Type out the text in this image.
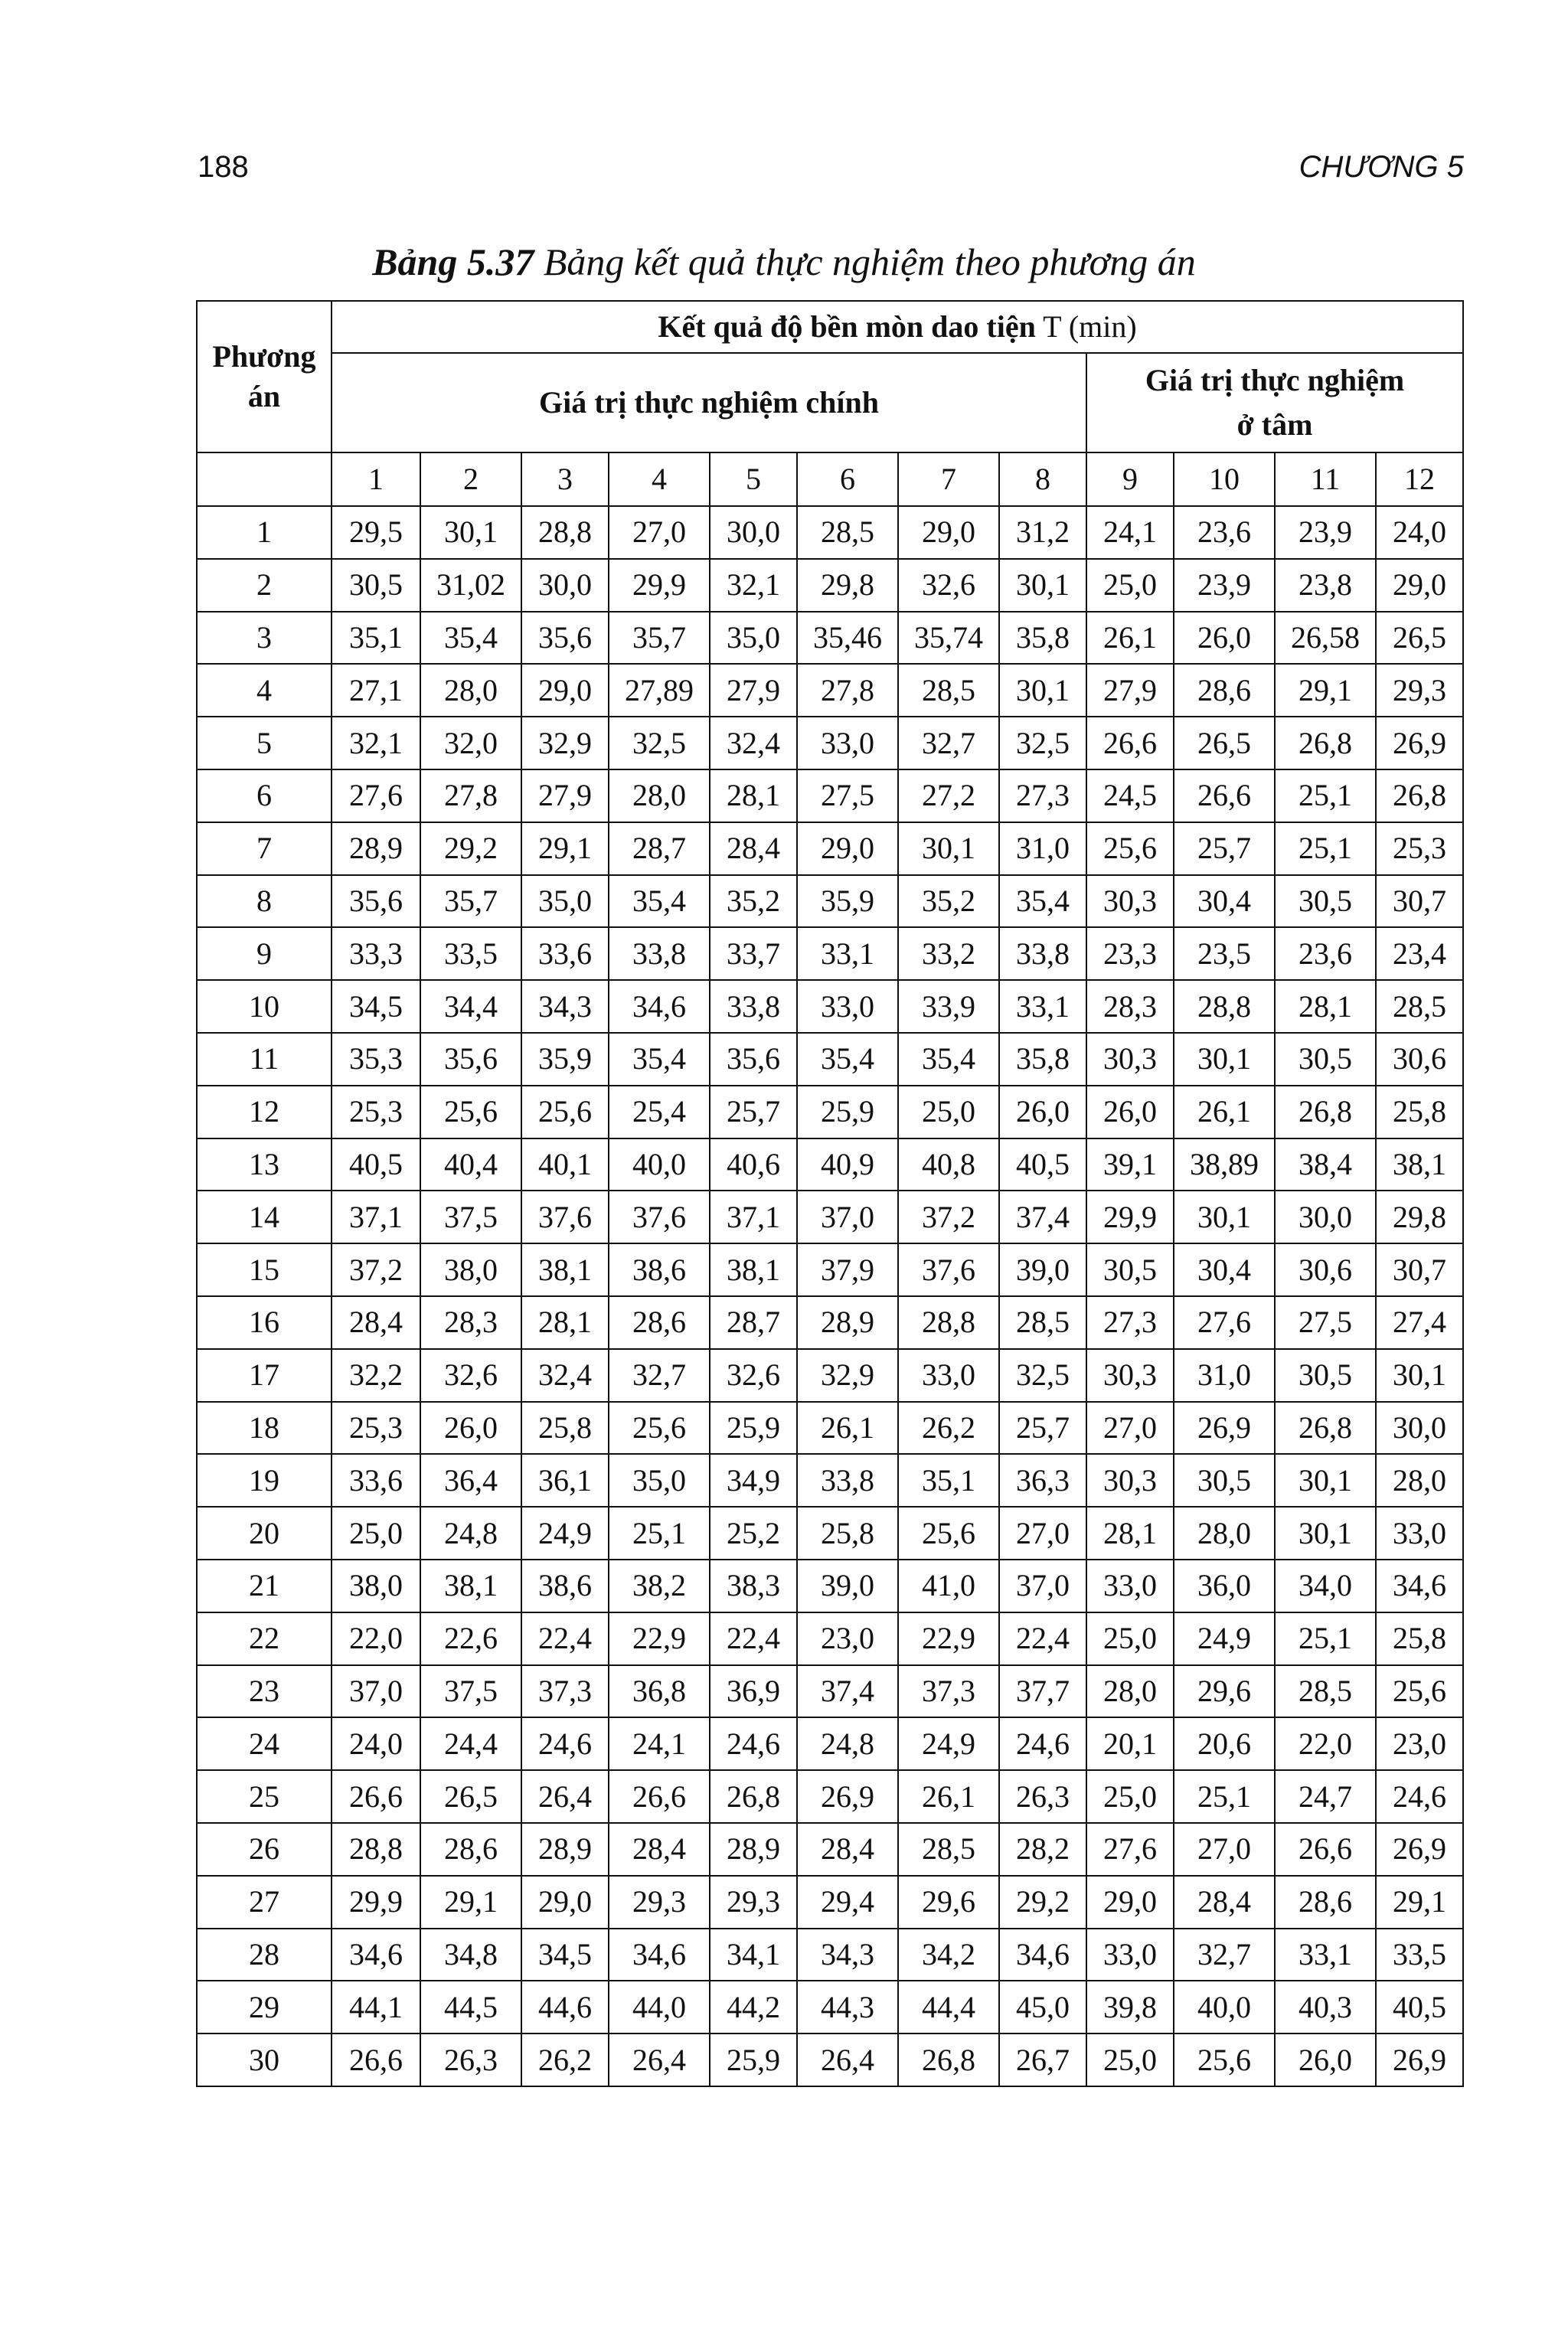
188	CHƯƠNG 5
Bảng 5.37 Bảng kết quả thực nghiệm theo phương án
Phương án	Kết quả độ bền mòn dao tiện T (min)											
	Giá trị thực nghiệm chính								Giá trị thực nghiệm
ở tâm			
	1	2	3	4	5	6	7	8	9	10	11	12
1	29,5	30,1	28,8	27,0	30,0	28,5	29,0	31,2	24,1	23,6	23,9	24,0
2	30,5	31,02	30,0	29,9	32,1	29,8	32,6	30,1	25,0	23,9	23,8	29,0
3	35,1	35,4	35,6	35,7	35,0	35,46	35,74	35,8	26,1	26,0	26,58	26,5
4	27,1	28,0	29,0	27,89	27,9	27,8	28,5	30,1	27,9	28,6	29,1	29,3
5	32,1	32,0	32,9	32,5	32,4	33,0	32,7	32,5	26,6	26,5	26,8	26,9
6	27,6	27,8	27,9	28,0	28,1	27,5	27,2	27,3	24,5	26,6	25,1	26,8
7	28,9	29,2	29,1	28,7	28,4	29,0	30,1	31,0	25,6	25,7	25,1	25,3
8	35,6	35,7	35,0	35,4	35,2	35,9	35,2	35,4	30,3	30,4	30,5	30,7
9	33,3	33,5	33,6	33,8	33,7	33,1	33,2	33,8	23,3	23,5	23,6	23,4
10	34,5	34,4	34,3	34,6	33,8	33,0	33,9	33,1	28,3	28,8	28,1	28,5
11	35,3	35,6	35,9	35,4	35,6	35,4	35,4	35,8	30,3	30,1	30,5	30,6
12	25,3	25,6	25,6	25,4	25,7	25,9	25,0	26,0	26,0	26,1	26,8	25,8
13	40,5	40,4	40,1	40,0	40,6	40,9	40,8	40,5	39,1	38,89	38,4	38,1
14	37,1	37,5	37,6	37,6	37,1	37,0	37,2	37,4	29,9	30,1	30,0	29,8
15	37,2	38,0	38,1	38,6	38,1	37,9	37,6	39,0	30,5	30,4	30,6	30,7
16	28,4	28,3	28,1	28,6	28,7	28,9	28,8	28,5	27,3	27,6	27,5	27,4
17	32,2	32,6	32,4	32,7	32,6	32,9	33,0	32,5	30,3	31,0	30,5	30,1
18	25,3	26,0	25,8	25,6	25,9	26,1	26,2	25,7	27,0	26,9	26,8	30,0
19	33,6	36,4	36,1	35,0	34,9	33,8	35,1	36,3	30,3	30,5	30,1	28,0
20	25,0	24,8	24,9	25,1	25,2	25,8	25,6	27,0	28,1	28,0	30,1	33,0
21	38,0	38,1	38,6	38,2	38,3	39,0	41,0	37,0	33,0	36,0	34,0	34,6
22	22,0	22,6	22,4	22,9	22,4	23,0	22,9	22,4	25,0	24,9	25,1	25,8
23	37,0	37,5	37,3	36,8	36,9	37,4	37,3	37,7	28,0	29,6	28,5	25,6
24	24,0	24,4	24,6	24,1	24,6	24,8	24,9	24,6	20,1	20,6	22,0	23,0
25	26,6	26,5	26,4	26,6	26,8	26,9	26,1	26,3	25,0	25,1	24,7	24,6
26	28,8	28,6	28,9	28,4	28,9	28,4	28,5	28,2	27,6	27,0	26,6	26,9
27	29,9	29,1	29,0	29,3	29,3	29,4	29,6	29,2	29,0	28,4	28,6	29,1
28	34,6	34,8	34,5	34,6	34,1	34,3	34,2	34,6	33,0	32,7	33,1	33,5
29	44,1	44,5	44,6	44,0	44,2	44,3	44,4	45,0	39,8	40,0	40,3	40,5
30	26,6	26,3	26,2	26,4	25,9	26,4	26,8	26,7	25,0	25,6	26,0	26,9
